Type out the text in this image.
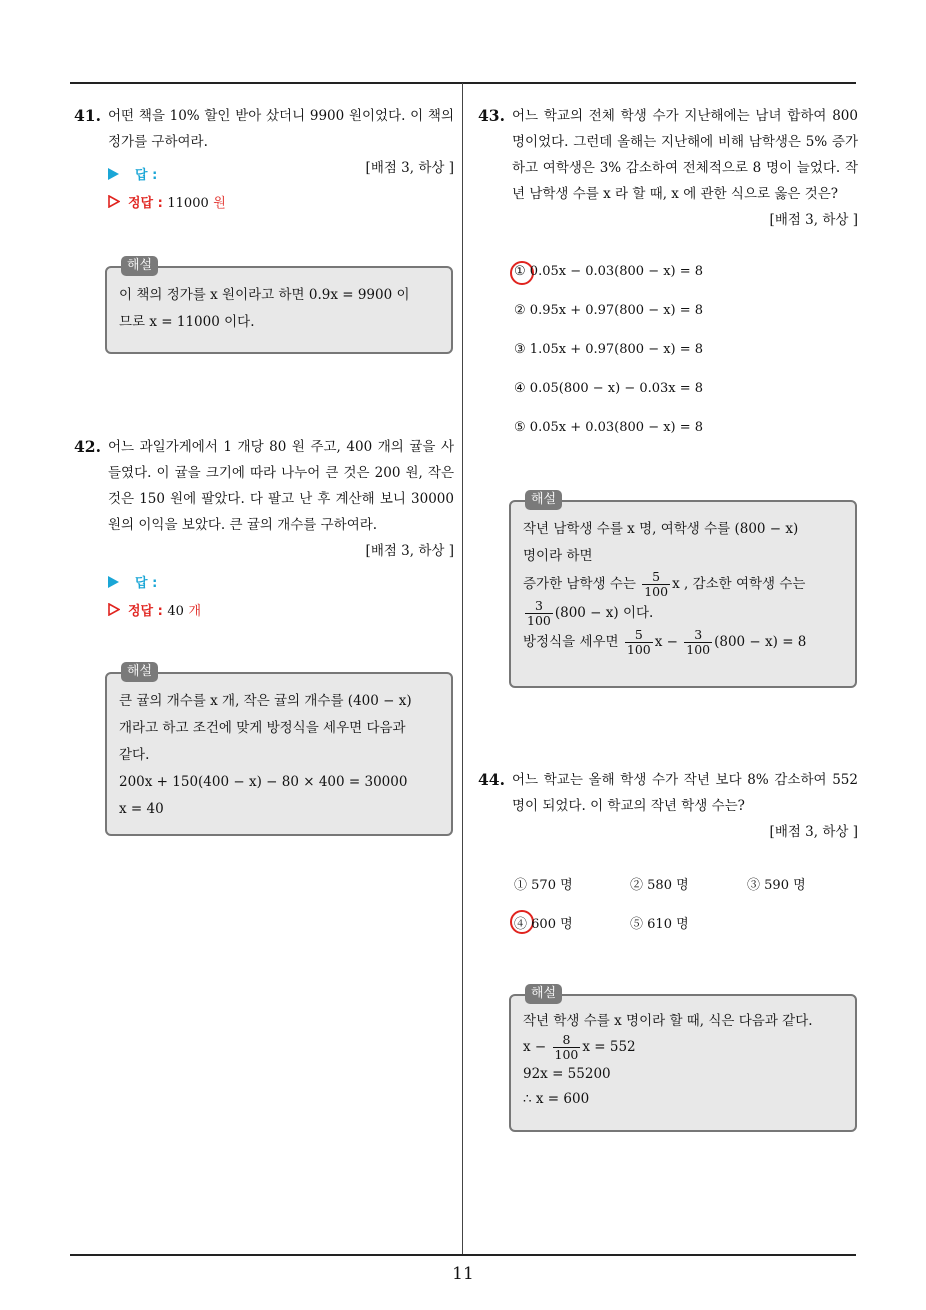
11
41. 어떤 책을 10% 할인 받아 샀더니 9900 원이었다. 이 책의 정가를 구하여라.
[배점 3, 하상 ]
답 :
정답 : 11000 원
해설
이 책의 정가를 x 원이라고 하면 0.9x = 9900 이
므로 x = 11000 이다.
42. 어느 과일가게에서 1 개당 80 원 주고, 400 개의 귤을 사들였다. 이 귤을 크기에 따라 나누어 큰 것은 200 원, 작은 것은 150 원에 팔았다. 다 팔고 난 후 계산해 보니 30000 원의 이익을 보았다. 큰 귤의 개수를 구하여라.
[배점 3, 하상 ]
답 :
정답 : 40 개
해설
큰 귤의 개수를 x 개, 작은 귤의 개수를 (400 − x)
개라고 하고 조건에 맞게 방정식을 세우면 다음과
같다.
200x + 150(400 − x) − 80 × 400 = 30000
x = 40
43. 어느 학교의 전체 학생 수가 지난해에는 남녀 합하여 800 명이었다. 그런데 올해는 지난해에 비해 남학생은 5% 증가하고 여학생은 3% 감소하여 전체적으로 8 명이 늘었다. 작년 남학생 수를 x 라 할 때, x 에 관한 식으로 옳은 것은?
[배점 3, 하상 ]
① 0.05x − 0.03(800 − x) = 8
② 0.95x + 0.97(800 − x) = 8
③ 1.05x + 0.97(800 − x) = 8
④ 0.05(800 − x) − 0.03x = 8
⑤ 0.05x + 0.03(800 − x) = 8
해설
작년 남학생 수를 x 명, 여학생 수를 (800 − x)
명이라 하면
증가한 남학생 수는 $\frac{5}{100}$ x , 감소한 여학생 수는
$\frac{3}{100} (800 - x)$ 이다.
방정식을 세우면 $\frac{5}{100}$ $x - \frac{3}{100} (800 - x) = 8$
44. 어느 학교는 올해 학생 수가 작년 보다 8% 감소하여 552 명이 되었다. 이 학교의 작년 학생 수는?
[배점 3, 하상 ]
① 570 명	② 580 명	③ 590 명
④ 600 명	⑤ 610 명
해설
작년 학생 수를 x 명이라 할 때, 식은 다음과 같다.
$x - \frac{8}{100}$ x = 552
92x = 55200
∴ x = 600
